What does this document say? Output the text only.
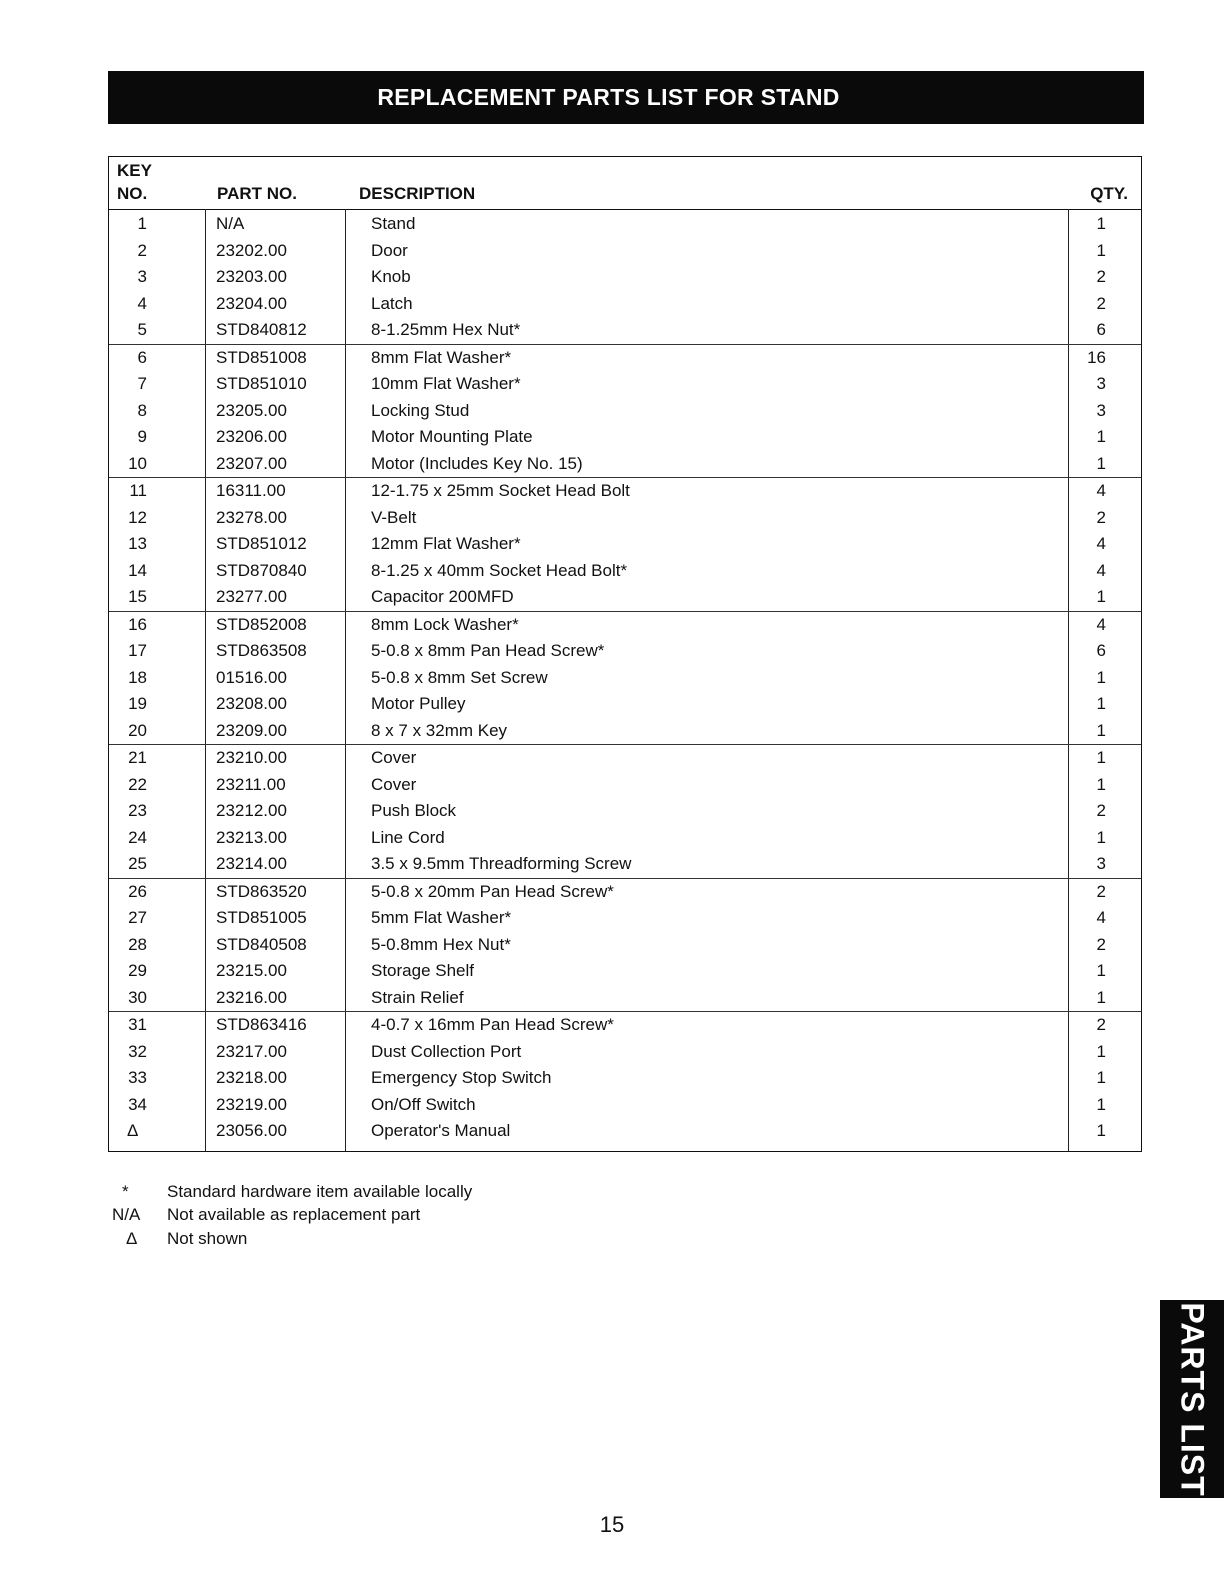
REPLACEMENT PARTS LIST FOR STAND
KEY
NO.	PART NO.	DESCRIPTION	QTY.
1	N/A	Stand	1
2	23202.00	Door	1
3	23203.00	Knob	2
4	23204.00	Latch	2
5	STD840812	8-1.25mm Hex Nut*	6
6	STD851008	8mm Flat Washer*	16
7	STD851010	10mm Flat Washer*	3
8	23205.00	Locking Stud	3
9	23206.00	Motor Mounting Plate	1
10	23207.00	Motor (Includes Key No. 15)	1
11	16311.00	12-1.75 x 25mm Socket Head Bolt	4
12	23278.00	V-Belt	2
13	STD851012	12mm Flat Washer*	4
14	STD870840	8-1.25 x 40mm Socket Head Bolt*	4
15	23277.00	Capacitor 200MFD	1
16	STD852008	8mm Lock Washer*	4
17	STD863508	5-0.8 x 8mm Pan Head Screw*	6
18	01516.00	5-0.8 x 8mm Set Screw	1
19	23208.00	Motor Pulley	1
20	23209.00	8 x 7 x 32mm Key	1
21	23210.00	Cover	1
22	23211.00	Cover	1
23	23212.00	Push Block	2
24	23213.00	Line Cord	1
25	23214.00	3.5 x 9.5mm Threadforming Screw	3
26	STD863520	5-0.8 x 20mm Pan Head Screw*	2
27	STD851005	5mm Flat Washer*	4
28	STD840508	5-0.8mm Hex Nut*	2
29	23215.00	Storage Shelf	1
30	23216.00	Strain Relief	1
31	STD863416	4-0.7 x 16mm Pan Head Screw*	2
32	23217.00	Dust Collection Port	1
33	23218.00	Emergency Stop Switch	1
34	23219.00	On/Off Switch	1
Δ	23056.00	Operator's Manual	1
*	Standard hardware item available locally
N/A	Not available as replacement part
Δ	Not shown
PARTS LIST
15
